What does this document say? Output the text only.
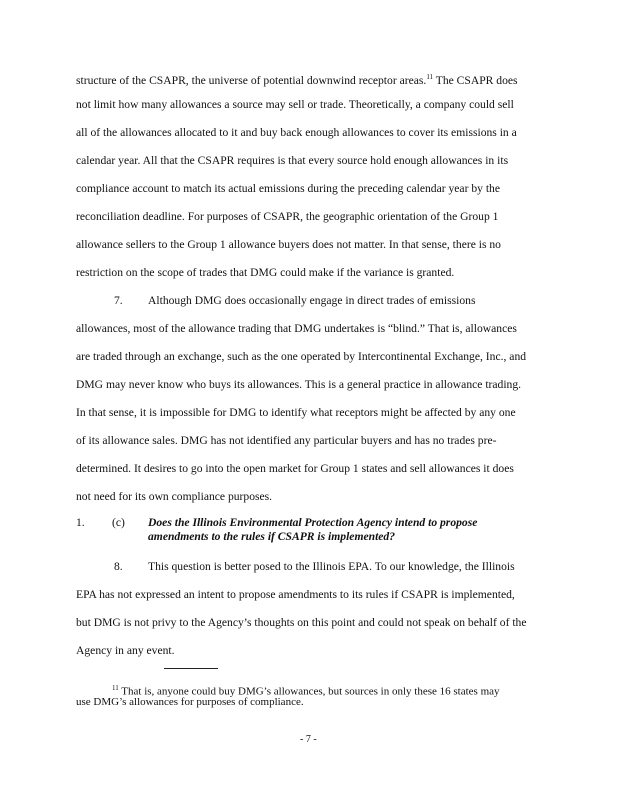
structure of the CSAPR, the universe of potential downwind receptor areas.$^{11}$ The CSAPR does
not limit how many allowances a source may sell or trade. Theoretically, a company could sell
all of the allowances allocated to it and buy back enough allowances to cover its emissions in a
calendar year. All that the CSAPR requires is that every source hold enough allowances in its
compliance account to match its actual emissions during the preceding calendar year by the
reconciliation deadline. For purposes of CSAPR, the geographic orientation of the Group 1
allowance sellers to the Group 1 allowance buyers does not matter. In that sense, there is no
restriction on the scope of trades that DMG could make if the variance is granted.
7. Although DMG does occasionally engage in direct trades of emissions
allowances, most of the allowance trading that DMG undertakes is “blind.” That is, allowances
are traded through an exchange, such as the one operated by Intercontinental Exchange, Inc., and
DMG may never know who buys its allowances. This is a general practice in allowance trading.
In that sense, it is impossible for DMG to identify what receptors might be affected by any one
of its allowance sales. DMG has not identified any particular buyers and has no trades pre-
determined. It desires to go into the open market for Group 1 states and sell allowances it does
not need for its own compliance purposes.
1. (c) Does the Illinois Environmental Protection Agency intend to propose
amendments to the rules if CSAPR is implemented?
8. This question is better posed to the Illinois EPA. To our knowledge, the Illinois
EPA has not expressed an intent to propose amendments to its rules if CSAPR is implemented,
but DMG is not privy to the Agency’s thoughts on this point and could not speak on behalf of the
Agency in any event.
$^{11}$ That is, anyone could buy DMG’s allowances, but sources in only these 16 states may
use DMG’s allowances for purposes of compliance.
- 7 -
